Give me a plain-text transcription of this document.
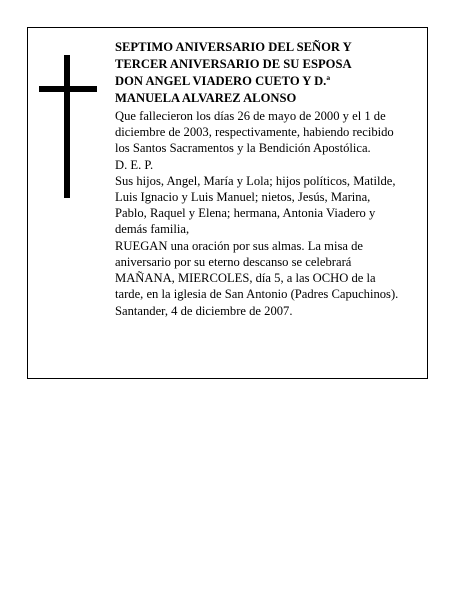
SEPTIMO ANIVERSARIO DEL SEÑOR Y
TERCER ANIVERSARIO DE SU ESPOSA
DON ANGEL VIADERO CUETO Y D.ª
MANUELA ALVAREZ ALONSO

Que fallecieron los días 26 de mayo de 2000 y el 1 de
diciembre de 2003, respectivamente, habiendo recibido
los Santos Sacramentos y la Bendición Apostólica.

D. E. P.

Sus hijos, Angel, María y Lola; hijos políticos, Matilde,
Luis Ignacio y Luis Manuel; nietos, Jesús, Marina,
Pablo, Raquel y Elena; hermana, Antonia Viadero y
demás familia,

RUEGAN una oración por sus almas. La misa de
aniversario por su eterno descanso se celebrará
MAÑANA, MIERCOLES, día 5, a las OCHO de la
tarde, en la iglesia de San Antonio (Padres Capuchinos).

Santander, 4 de diciembre de 2007.
